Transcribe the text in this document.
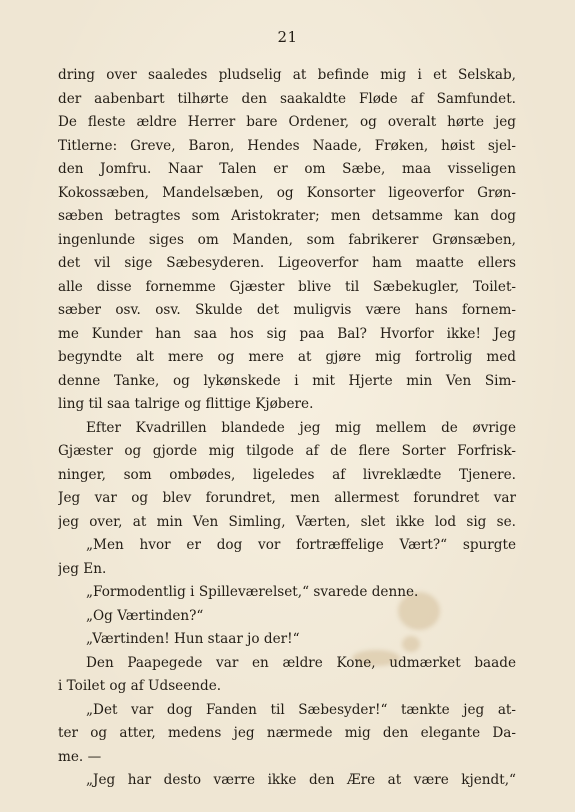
21
dring over saaledes pludselig at befinde mig i et Selskab,
der aabenbart tilhørte den saakaldte Fløde af Samfundet.
De fleste ældre Herrer bare Ordener, og overalt hørte jeg
Titlerne: Greve, Baron, Hendes Naade, Frøken, høist sjel-
den Jomfru. Naar Talen er om Sæbe, maa visseligen
Kokossæben, Mandelsæben, og Konsorter ligeoverfor Grøn-
sæben betragtes som Aristokrater; men detsamme kan dog
ingenlunde siges om Manden, som fabrikerer Grønsæben,
det vil sige Sæbesyderen. Ligeoverfor ham maatte ellers
alle disse fornemme Gjæster blive til Sæbekugler, Toilet-
sæber osv. osv. Skulde det muligvis være hans fornem-
me Kunder han saa hos sig paa Bal? Hvorfor ikke! Jeg
begyndte alt mere og mere at gjøre mig fortrolig med
denne Tanke, og lykønskede i mit Hjerte min Ven Sim-
ling til saa talrige og flittige Kjøbere.
Efter Kvadrillen blandede jeg mig mellem de øvrige
Gjæster og gjorde mig tilgode af de flere Sorter Forfrisk-
ninger, som ombødes, ligeledes af livreklædte Tjenere.
Jeg var og blev forundret, men allermest forundret var
jeg over, at min Ven Simling, Værten, slet ikke lod sig se.
„Men hvor er dog vor fortræffelige Vært?“ spurgte
jeg En.
„Formodentlig i Spilleværelset,“ svarede denne.
„Og Værtinden?“
„Værtinden! Hun staar jo der!“
Den Paapegede var en ældre Kone, udmærket baade
i Toilet og af Udseende.
„Det var dog Fanden til Sæbesyder!“ tænkte jeg at-
ter og atter, medens jeg nærmede mig den elegante Da-
me. —
„Jeg har desto værre ikke den Ære at være kjendt,“
